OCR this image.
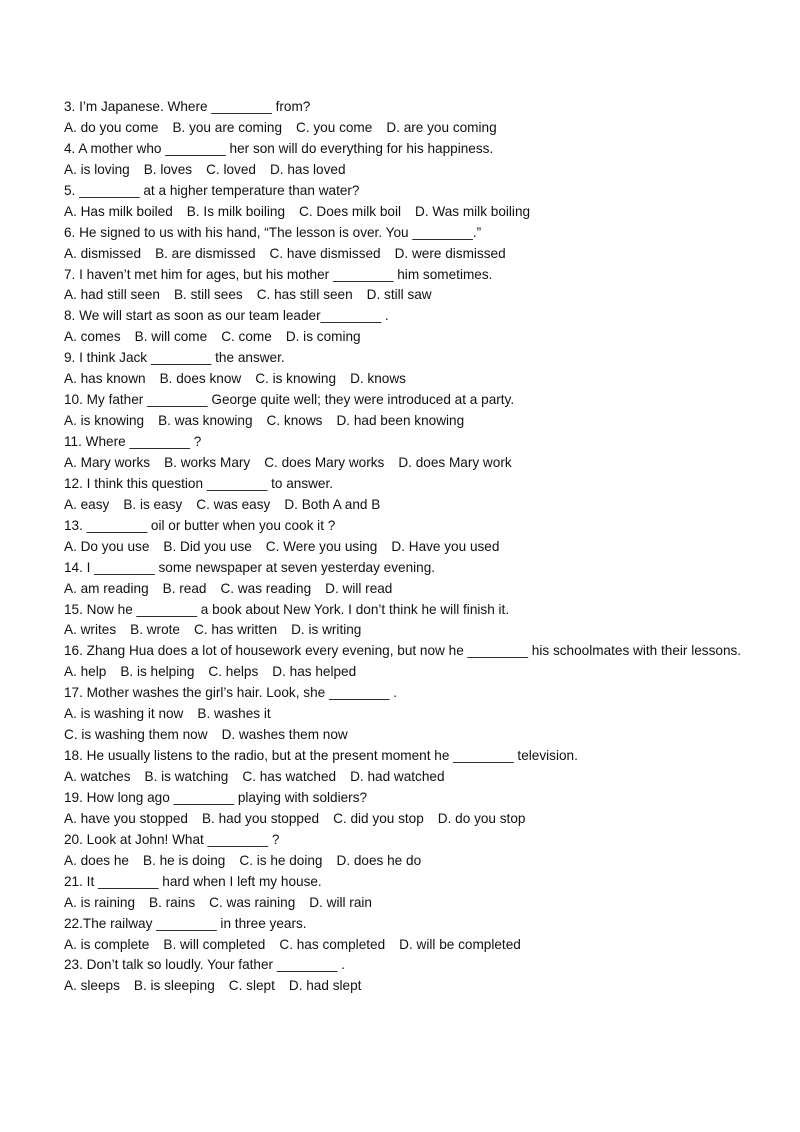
3. I’m Japanese. Where ________ from?
A. do you come B. you are coming C. you come D. are you coming
4. A mother who ________ her son will do everything for his happiness.
A. is loving B. loves C. loved D. has loved
5. ________ at a higher temperature than water?
A. Has milk boiled B. Is milk boiling C. Does milk boil D. Was milk boiling
6. He signed to us with his hand, “The lesson is over. You ________.”
A. dismissed B. are dismissed C. have dismissed D. were dismissed
7. I haven’t met him for ages, but his mother ________ him sometimes.
A. had still seen B. still sees C. has still seen D. still saw
8. We will start as soon as our team leader________ .
A. comes B. will come C. come D. is coming
9. I think Jack ________ the answer.
A. has known B. does know C. is knowing D. knows
10. My father ________ George quite well; they were introduced at a party.
A. is knowing B. was knowing C. knows D. had been knowing
11. Where ________ ?
A. Mary works B. works Mary C. does Mary works D. does Mary work
12. I think this question ________ to answer.
A. easy B. is easy C. was easy D. Both A and B
13. ________ oil or butter when you cook it ?
A. Do you use B. Did you use C. Were you using D. Have you used
14. I ________ some newspaper at seven yesterday evening.
A. am reading B. read C. was reading D. will read
15. Now he ________ a book about New York. I don’t think he will finish it.
A. writes B. wrote C. has written D. is writing
16. Zhang Hua does a lot of housework every evening, but now he ________ his schoolmates with their lessons.
A. help B. is helping C. helps D. has helped
17. Mother washes the girl’s hair. Look, she ________ .
A. is washing it now B. washes it
C. is washing them now D. washes them now
18. He usually listens to the radio, but at the present moment he ________ television.
A. watches B. is watching C. has watched D. had watched
19. How long ago ________ playing with soldiers?
A. have you stopped B. had you stopped C. did you stop D. do you stop
20. Look at John! What ________ ?
A. does he B. he is doing C. is he doing D. does he do
21. It ________ hard when I left my house.
A. is raining B. rains C. was raining D. will rain
22.The railway ________ in three years.
A. is complete B. will completed C. has completed D. will be completed
23. Don’t talk so loudly. Your father ________ .
A. sleeps B. is sleeping C. slept D. had slept
